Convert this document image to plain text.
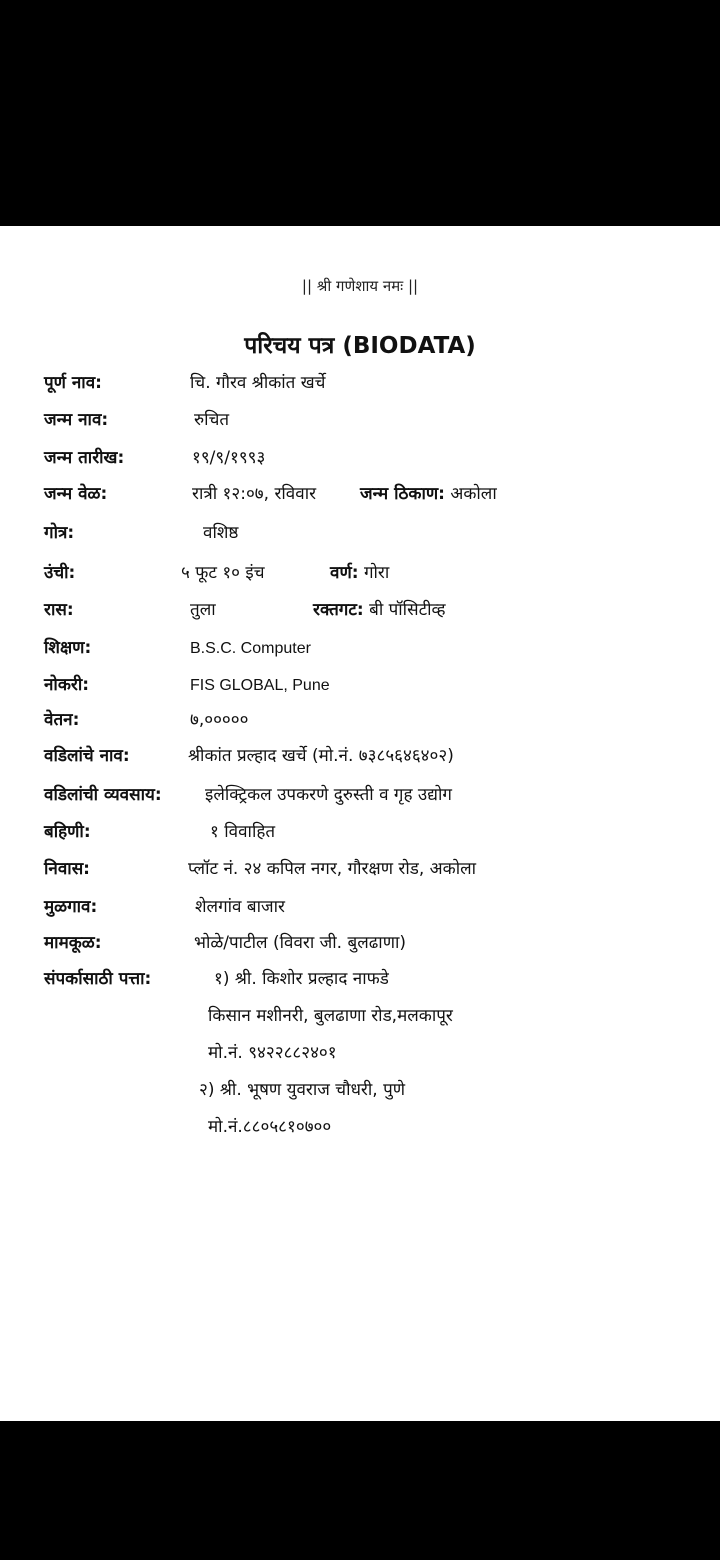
|| श्री गणेशाय नमः ||
परिचय पत्र (BIODATA)
पूर्ण नाव:	चि. गौरव श्रीकांत खर्चे
जन्म नाव:	रुचित
जन्म तारीख:	१९/९/१९९३
जन्म वेळ:	रात्री १२:०७, रविवार	जन्म ठिकाण: अकोला
गोत्र:	वशिष्ठ
उंची:	५ फूट १० इंच	वर्ण: गोरा
रास:	तुला	रक्तगट: बी पॉसिटीव्ह
शिक्षण:	B.S.C. Computer
नोकरी:	FIS GLOBAL, Pune
वेतन:	७,०००००
वडिलांचे नाव:	श्रीकांत प्रल्हाद खर्चे (मो.नं. ७३८५६४६४०२)
वडिलांची व्यवसाय:	इलेक्ट्रिकल उपकरणे दुरुस्ती व गृह उद्योग
बहिणी:	१ विवाहित
निवास:	प्लॉट नं. २४ कपिल नगर, गौरक्षण रोड, अकोला
मुळगाव:	शेलगांव बाजार
मामकूळ:	भोळे/पाटील (विवरा जी. बुलढाणा)
संपर्कासाठी पत्ता:	१) श्री. किशोर प्रल्हाद नाफडे
किसान मशीनरी, बुलढाणा रोड,मलकापूर
मो.नं. ९४२२८८२४०१
२) श्री. भूषण युवराज चौधरी, पुणे
मो.नं.८८०५८१०७००
